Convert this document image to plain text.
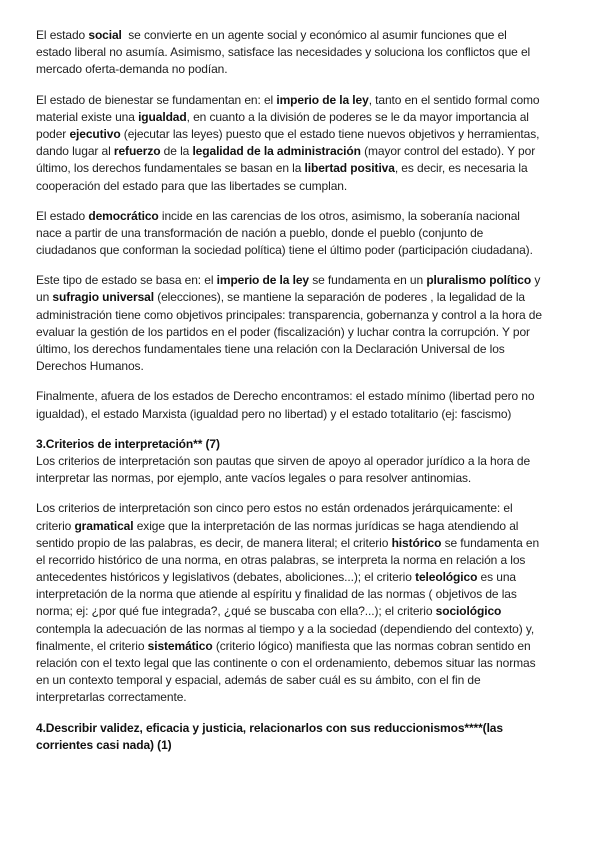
El estado social  se convierte en un agente social y económico al asumir funciones que el
estado liberal no asumía. Asimismo, satisface las necesidades y soluciona los conflictos que el
mercado oferta-demanda no podían.
El estado de bienestar se fundamentan en: el imperio de la ley, tanto en el sentido formal como
material existe una igualdad, en cuanto a la división de poderes se le da mayor importancia al
poder ejecutivo (ejecutar las leyes) puesto que el estado tiene nuevos objetivos y herramientas,
dando lugar al refuerzo de la legalidad de la administración (mayor control del estado). Y por
último, los derechos fundamentales se basan en la libertad positiva, es decir, es necesaria la
cooperación del estado para que las libertades se cumplan.
El estado democrático incide en las carencias de los otros, asimismo, la soberanía nacional
nace a partir de una transformación de nación a pueblo, donde el pueblo (conjunto de
ciudadanos que conforman la sociedad política) tiene el último poder (participación ciudadana).
Este tipo de estado se basa en: el imperio de la ley se fundamenta en un pluralismo político y
un sufragio universal (elecciones), se mantiene la separación de poderes , la legalidad de la
administración tiene como objetivos principales: transparencia, gobernanza y control a la hora de
evaluar la gestión de los partidos en el poder (fiscalización) y luchar contra la corrupción. Y por
último, los derechos fundamentales tiene una relación con la Declaración Universal de los
Derechos Humanos.
Finalmente, afuera de los estados de Derecho encontramos: el estado mínimo (libertad pero no
igualdad), el estado Marxista (igualdad pero no libertad) y el estado totalitario (ej: fascismo)
3.Criterios de interpretación** (7)
Los criterios de interpretación son pautas que sirven de apoyo al operador jurídico a la hora de
interpretar las normas, por ejemplo, ante vacíos legales o para resolver antinomias.
Los criterios de interpretación son cinco pero estos no están ordenados jerárquicamente: el
criterio gramatical exige que la interpretación de las normas jurídicas se haga atendiendo al
sentido propio de las palabras, es decir, de manera literal; el criterio histórico se fundamenta en
el recorrido histórico de una norma, en otras palabras, se interpreta la norma en relación a los
antecedentes históricos y legislativos (debates, aboliciones...); el criterio teleológico es una
interpretación de la norma que atiende al espíritu y finalidad de las normas ( objetivos de las
norma; ej: ¿por qué fue integrada?, ¿qué se buscaba con ella?...); el criterio sociológico
contempla la adecuación de las normas al tiempo y a la sociedad (dependiendo del contexto) y,
finalmente, el criterio sistemático (criterio lógico) manifiesta que las normas cobran sentido en
relación con el texto legal que las continente o con el ordenamiento, debemos situar las normas
en un contexto temporal y espacial, además de saber cuál es su ámbito, con el fin de
interpretarlas correctamente.
4.Describir validez, eficacia y justicia, relacionarlos con sus reduccionismos****(las
corrientes casi nada) (1)
